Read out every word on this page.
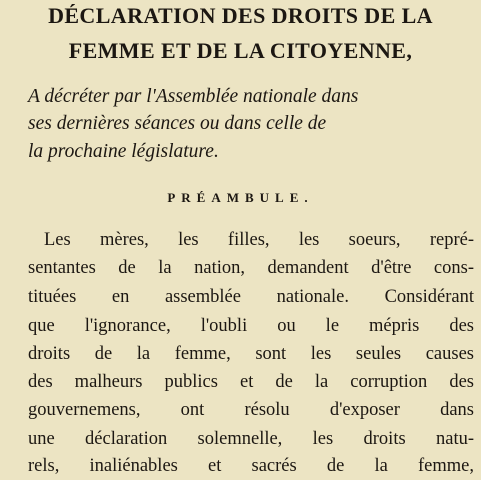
DÉCLARATION DES DROITS DE LA
FEMME ET DE LA CITOYENNE,
A décréter par l'Assemblée nationale dans
ses dernières séances ou dans celle de
la prochaine législature.
PRÉAMBULE.
Les mères, les filles, les soeurs, repré-
sentantes de la nation, demandent d'être cons-
tituées en assemblée nationale. Considérant
que l'ignorance, l'oubli ou le mépris des
droits de la femme, sont les seules causes
des malheurs publics et de la corruption des
gouvernemens, ont résolu d'exposer dans
une déclaration solemnelle, les droits natu-
rels, inaliénables et sacrés de la femme,
